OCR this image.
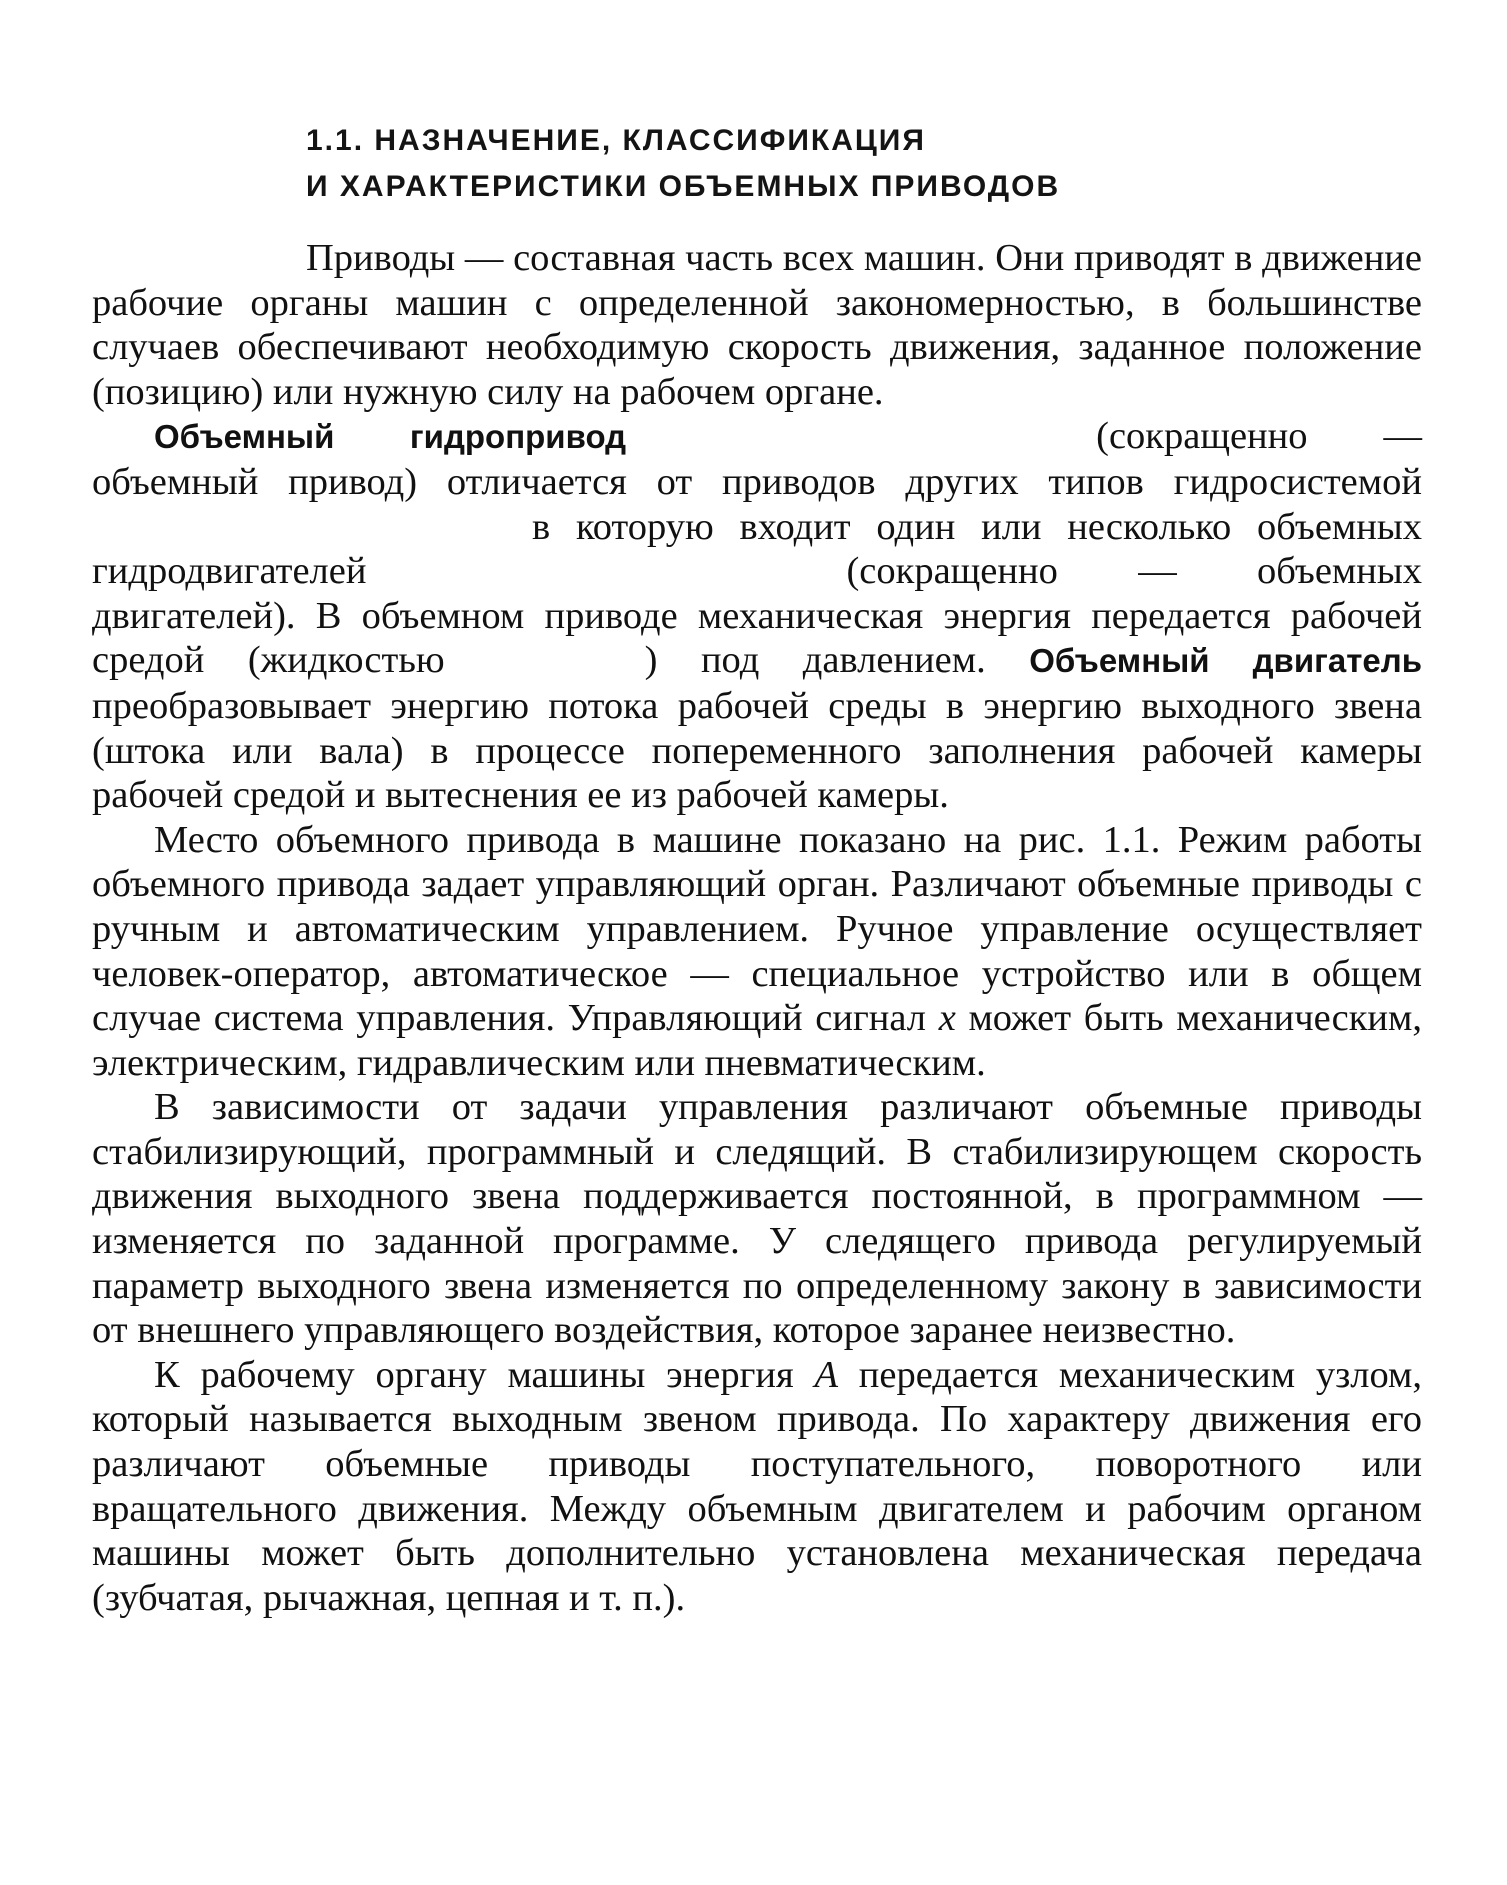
1.1. НАЗНАЧЕНИЕ, КЛАССИФИКАЦИЯ
И ХАРАКТЕРИСТИКИ ОБЪЕМНЫХ ПРИВОДОВ

Приводы — составная часть всех машин. Они приводят в движение рабочие органы машин с определенной закономерностью, в большинстве случаев обеспечивают необходимую скорость движения, заданное положение (позицию) или нужную силу на рабочем органе.

Объемный гидропривод	(сокращенно — объемный привод) отличается от приводов других типов гидросистемойв которую входит один или несколько объемных гидродвигателей	(сокращенно — объемных двигателей). В объемном приводе механическая энергия передается рабочей средой (жидкостью	) под давлением. Объемный двигатель преобразовывает энергию потока рабочей среды в энергию выходного звена (штока или вала) в процессе попеременного заполнения рабочей камеры рабочей средой и вытеснения ее из рабочей камеры.

Место объемного привода в машине показано на рис. 1.1. Режим работы объемного привода задает управляющий орган. Различают объемные приводы с ручным и автоматическим управлением. Ручное управление осуществляет человек-оператор, автоматическое — специальное устройство или в общем случае система управления. Управляющий сигнал x может быть механическим, электрическим, гидравлическим или пневматическим.

В зависимости от задачи управления различают объемные приводы стабилизирующий, программный и следящий. В стабилизирующем скорость движения выходного звена поддерживается постоянной, в программном — изменяется по заданной программе. У следящего привода регулируемый параметр выходного звена изменяется по определенному закону в зависимости от внешнего управляющего воздействия, которое заранее неизвестно.

К рабочему органу машины энергия A передается механическим узлом, который называется выходным звеном привода. По характеру движения его различают объемные приводы поступательного, поворотного или вращательного движения. Между объемным двигателем и рабочим органом машины может быть дополнительно установлена механическая передача (зубчатая, рычажная, цепная и т. п.).
